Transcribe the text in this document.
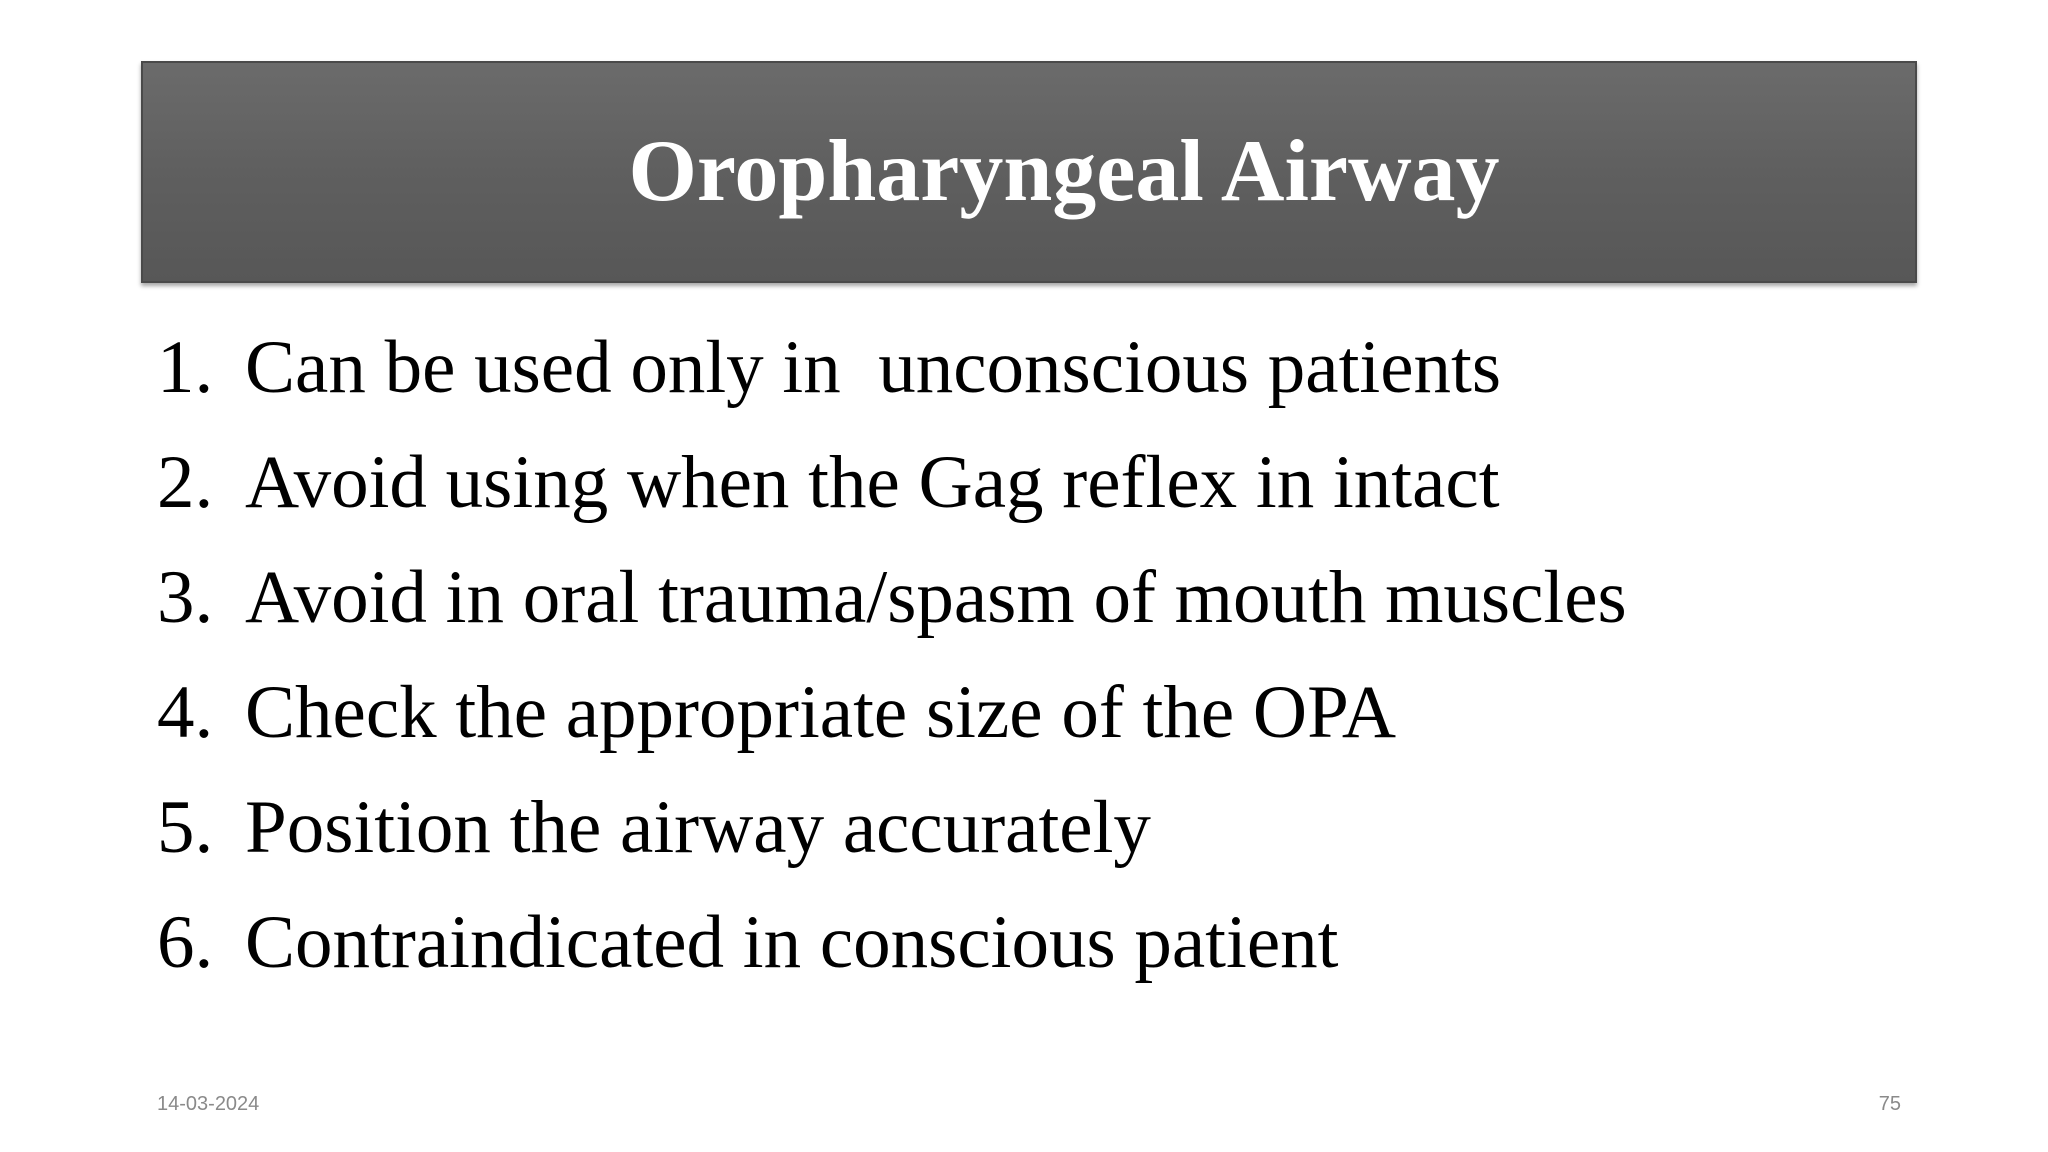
Oropharyngeal Airway
1. Can be used only in  unconscious patients
2. Avoid using when the Gag reflex in intact
3. Avoid in oral trauma/spasm of mouth muscles
4. Check the appropriate size of the OPA
5. Position the airway accurately
6. Contraindicated in conscious patient
14-03-2024	75
